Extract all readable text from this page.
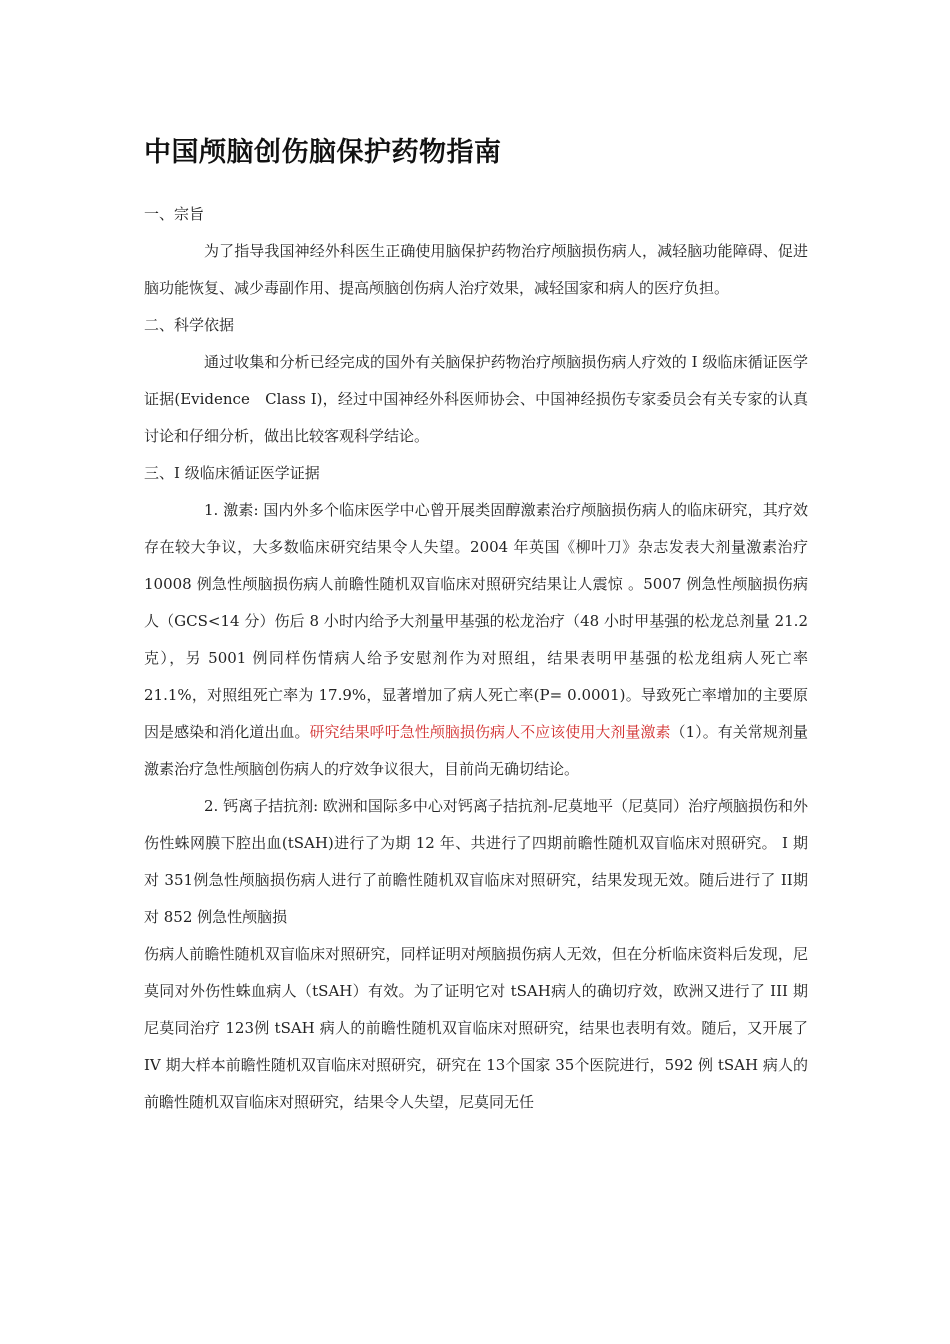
中国颅脑创伤脑保护药物指南

一、宗旨

为了指导我国神经外科医生正确使用脑保护药物治疗颅脑损伤病人，减轻脑功能障碍、促进脑功能恢复、减少毒副作用、提高颅脑创伤病人治疗效果，减轻国家和病人的医疗负担。

二、科学依据

通过收集和分析已经完成的国外有关脑保护药物治疗颅脑损伤病人疗效的 I 级临床循证医学证据(Evidence　Class I)，经过中国神经外科医师协会、中国神经损伤专家委员会有关专家的认真讨论和仔细分析，做出比较客观科学结论。

三、I 级临床循证医学证据

1. 激素: 国内外多个临床医学中心曾开展类固醇激素治疗颅脑损伤病人的临床研究，其疗效存在较大争议，大多数临床研究结果令人失望。2004 年英国《柳叶刀》杂志发表大剂量激素治疗 10008 例急性颅脑损伤病人前瞻性随机双盲临床对照研究结果让人震惊 。5007 例急性颅脑损伤病人（GCS<14 分）伤后 8 小时内给予大剂量甲基强的松龙治疗（48 小时甲基强的松龙总剂量 21.2 克），另 5001 例同样伤情病人给予安慰剂作为对照组，结果表明甲基强的松龙组病人死亡率 21.1%，对照组死亡率为 17.9%，显著增加了病人死亡率(P= 0.0001)。导致死亡率增加的主要原因是感染和消化道出血。研究结果呼吁急性颅脑损伤病人不应该使用大剂量激素（1）。有关常规剂量激素治疗急性颅脑创伤病人的疗效争议很大，目前尚无确切结论。

2. 钙离子拮抗剂: 欧洲和国际多中心对钙离子拮抗剂-尼莫地平（尼莫同）治疗颅脑损伤和外伤性蛛网膜下腔出血(tSAH)进行了为期 12 年、共进行了四期前瞻性随机双盲临床对照研究。 I 期对 351例急性颅脑损伤病人进行了前瞻性随机双盲临床对照研究，结果发现无效。随后进行了 II期对 852 例急性颅脑损

伤病人前瞻性随机双盲临床对照研究，同样证明对颅脑损伤病人无效，但在分析临床资料后发现，尼莫同对外伤性蛛血病人（tSAH）有效。为了证明它对 tSAH病人的确切疗效，欧洲又进行了 III 期尼莫同治疗 123例 tSAH 病人的前瞻性随机双盲临床对照研究，结果也表明有效。随后，又开展了 IV 期大样本前瞻性随机双盲临床对照研究，研究在 13个国家 35个医院进行，592 例 tSAH 病人的前瞻性随机双盲临床对照研究，结果令人失望，尼莫同无任
